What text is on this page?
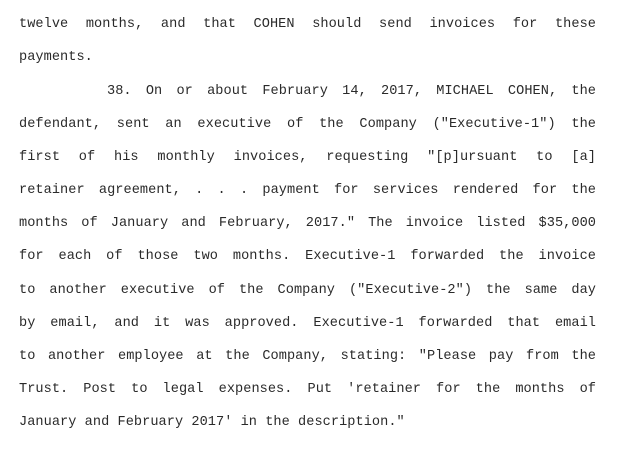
twelve months, and that COHEN should send invoices for these
payments.
38. On or about February 14, 2017, MICHAEL COHEN, the
defendant, sent an executive of the Company ("Executive-1") the
first of his monthly invoices, requesting "[p]ursuant to [a]
retainer agreement, . . . payment for services rendered for the
months of January and February, 2017." The invoice listed $35,000
for each of those two months. Executive-1 forwarded the invoice
to another executive of the Company ("Executive-2") the same day
by email, and it was approved. Executive-1 forwarded that email
to another employee at the Company, stating: "Please pay from the
Trust. Post to legal expenses. Put 'retainer for the months of
January and February 2017' in the description."
